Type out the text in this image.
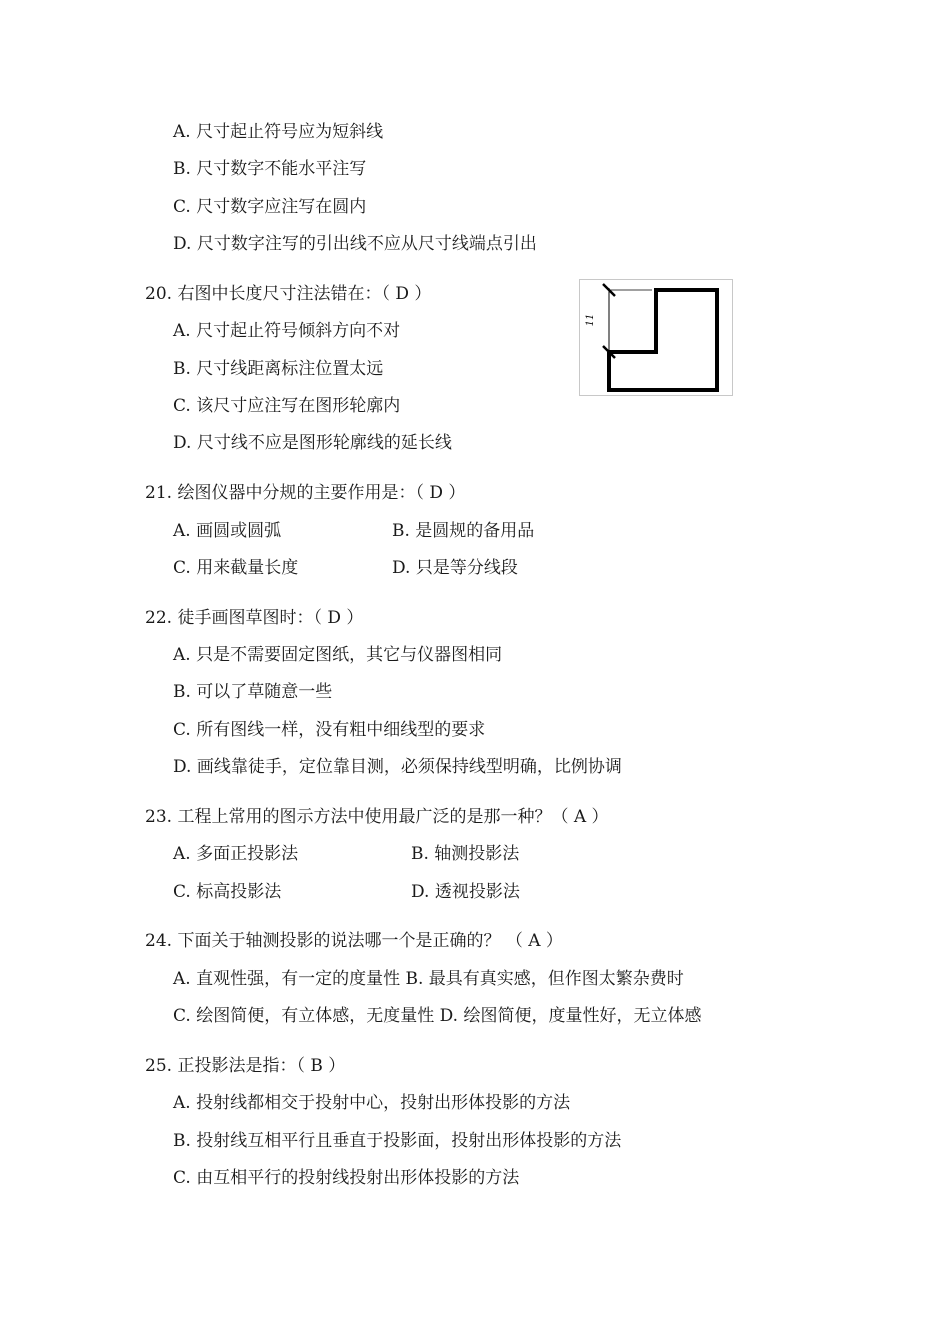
A. 尺寸起止符号应为短斜线
B. 尺寸数字不能水平注写
C. 尺寸数字应注写在圆内
D. 尺寸数字注写的引出线不应从尺寸线端点引出
20. 右图中长度尺寸注法错在：（ D ）
A. 尺寸起止符号倾斜方向不对
B. 尺寸线距离标注位置太远
C. 该尺寸应注写在图形轮廓内
D. 尺寸线不应是图形轮廓线的延长线
11
21. 绘图仪器中分规的主要作用是：（ D ）
A. 画圆或圆弧	B. 是圆规的备用品
C. 用来截量长度	D. 只是等分线段
22. 徒手画图草图时：（ D ）
A. 只是不需要固定图纸，其它与仪器图相同
B. 可以了草随意一些
C. 所有图线一样，没有粗中细线型的要求
D. 画线靠徒手，定位靠目测，必须保持线型明确，比例协调
23. 工程上常用的图示方法中使用最广泛的是那一种？（ A ）
A. 多面正投影法	B. 轴测投影法
C. 标高投影法	D. 透视投影法
24. 下面关于轴测投影的说法哪一个是正确的？ （ A ）
A. 直观性强，有一定的度量性 B. 最具有真实感，但作图太繁杂费时
C. 绘图简便，有立体感，无度量性 D. 绘图简便，度量性好，无立体感
25. 正投影法是指：（ B ）
A. 投射线都相交于投射中心，投射出形体投影的方法
B. 投射线互相平行且垂直于投影面，投射出形体投影的方法
C. 由互相平行的投射线投射出形体投影的方法
